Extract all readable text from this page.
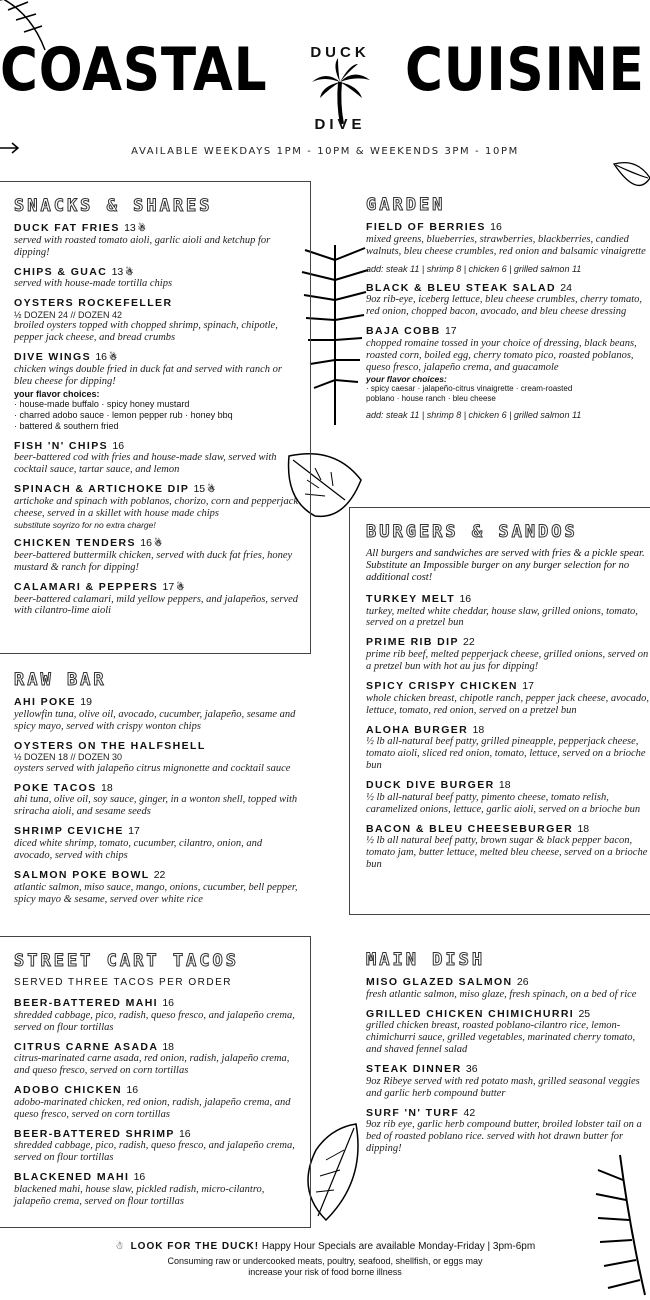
COASTAL CUISINE
DUCK
DIVE
AVAILABLE WEEKDAYS 1PM - 10PM & WEEKENDS 3PM - 10PM
SNACKS & SHARES
DUCK FAT FRIES 13 ☃
served with roasted tomato aioli, garlic aioli and ketchup for dipping!
CHIPS & GUAC 13 ☃
served with house-made tortilla chips
OYSTERS ROCKEFELLER
½ DOZEN 24 // DOZEN 42
broiled oysters topped with chopped shrimp, spinach, chipotle, pepper jack cheese, and bread crumbs
DIVE WINGS 16 ☃
chicken wings double fried in duck fat and served with ranch or bleu cheese for dipping!
your flavor choices:
· house-made buffalo · spicy honey mustard
· charred adobo sauce · lemon pepper rub · honey bbq
· battered & southern fried
FISH 'N' CHIPS 16
beer-battered cod with fries and house-made slaw, served with cocktail sauce, tartar sauce, and lemon
SPINACH & ARTICHOKE DIP 15 ☃
artichoke and spinach with poblanos, chorizo, corn and pepperjack cheese, served in a skillet with house made chips
substitute soyrizo for no extra charge!
CHICKEN TENDERS 16 ☃
beer-battered buttermilk chicken, served with duck fat fries, honey mustard & ranch for dipping!
CALAMARI & PEPPERS 17 ☃
beer-battered calamari, mild yellow peppers, and jalapeños, served with cilantro-lime aioli
RAW BAR
AHI POKE 19
yellowfin tuna, olive oil, avocado, cucumber, jalapeño, sesame and spicy mayo, served with crispy wonton chips
OYSTERS ON THE HALFSHELL
½ DOZEN 18 // DOZEN 30
oysters served with jalapeño citrus mignonette and cocktail sauce
POKE TACOS 18
ahi tuna, olive oil, soy sauce, ginger, in a wonton shell, topped with sriracha aioli, and sesame seeds
SHRIMP CEVICHE 17
diced white shrimp, tomato, cucumber, cilantro, onion, and avocado, served with chips
SALMON POKE BOWL 22
atlantic salmon, miso sauce, mango, onions, cucumber, bell pepper, spicy mayo & sesame, served over white rice
STREET CART TACOS
SERVED THREE TACOS PER ORDER
BEER-BATTERED MAHI 16
shredded cabbage, pico, radish, queso fresco, and jalapeño crema, served on flour tortillas
CITRUS CARNE ASADA 18
citrus-marinated carne asada, red onion, radish, jalapeño crema, and queso fresco, served on corn tortillas
ADOBO CHICKEN 16
adobo-marinated chicken, red onion, radish, jalapeño crema, and queso fresco, served on corn tortillas
BEER-BATTERED SHRIMP 16
shredded cabbage, pico, radish, queso fresco, and jalapeño crema, served on flour tortillas
BLACKENED MAHI 16
blackened mahi, house slaw, pickled radish, micro-cilantro, jalapeño crema, served on flour tortillas
GARDEN
FIELD OF BERRIES 16
mixed greens, blueberries, strawberries, blackberries, candied walnuts, bleu cheese crumbles, red onion and balsamic vinaigrette
add: steak 11 | shrimp 8 | chicken 6 | grilled salmon 11
BLACK & BLEU STEAK SALAD 24
9oz rib-eye, iceberg lettuce, bleu cheese crumbles, cherry tomato, red onion, chopped bacon, avocado, and bleu cheese dressing
BAJA COBB 17
chopped romaine tossed in your choice of dressing, black beans, roasted corn, boiled egg, cherry tomato pico, roasted poblanos, queso fresco, jalapeño crema, and guacamole
your flavor choices:
· spicy caesar · jalapeño-citrus vinaigrette · cream-roasted
poblano · house ranch · bleu cheese
add: steak 11 | shrimp 8 | chicken 6 | grilled salmon 11
BURGERS & SANDOS
All burgers and sandwiches are served with fries & a pickle spear. Substitute an Impossible burger on any burger selection for no additional cost!
TURKEY MELT 16
turkey, melted white cheddar, house slaw, grilled onions, tomato, served on a pretzel bun
PRIME RIB DIP 22
prime rib beef, melted pepperjack cheese, grilled onions, served on a pretzel bun with hot au jus for dipping!
SPICY CRISPY CHICKEN 17
whole chicken breast, chipotle ranch, pepper jack cheese, avocado, lettuce, tomato, red onion, served on a pretzel bun
ALOHA BURGER 18
½ lb all-natural beef patty, grilled pineapple, pepperjack cheese, tomato aioli, sliced red onion, tomato, lettuce, served on a brioche bun
DUCK DIVE BURGER 18
½ lb all-natural beef patty, pimento cheese, tomato relish, caramelized onions, lettuce, garlic aioli, served on a brioche bun
BACON & BLEU CHEESEBURGER 18
½ lb all natural beef patty, brown sugar & black pepper bacon, tomato jam, butter lettuce, melted bleu cheese, served on a brioche bun
MAIN DISH
MISO GLAZED SALMON 26
fresh atlantic salmon, miso glaze, fresh spinach, on a bed of rice
GRILLED CHICKEN CHIMICHURRI 25
grilled chicken breast, roasted poblano-cilantro rice, lemon-chimichurri sauce, grilled vegetables, marinated cherry tomato, and shaved fennel salad
STEAK DINNER 36
9oz Ribeye served with red potato mash, grilled seasonal veggies and garlic herb compound butter
SURF 'N' TURF 42
9oz rib eye, garlic herb compound butter, broiled lobster tail on a bed of roasted poblano rice. served with hot drawn butter for dipping!
☃ LOOK FOR THE DUCK! Happy Hour Specials are available Monday-Friday | 3pm-6pm
Consuming raw or undercooked meats, poultry, seafood, shellfish, or eggs may
increase your risk of food borne illness
